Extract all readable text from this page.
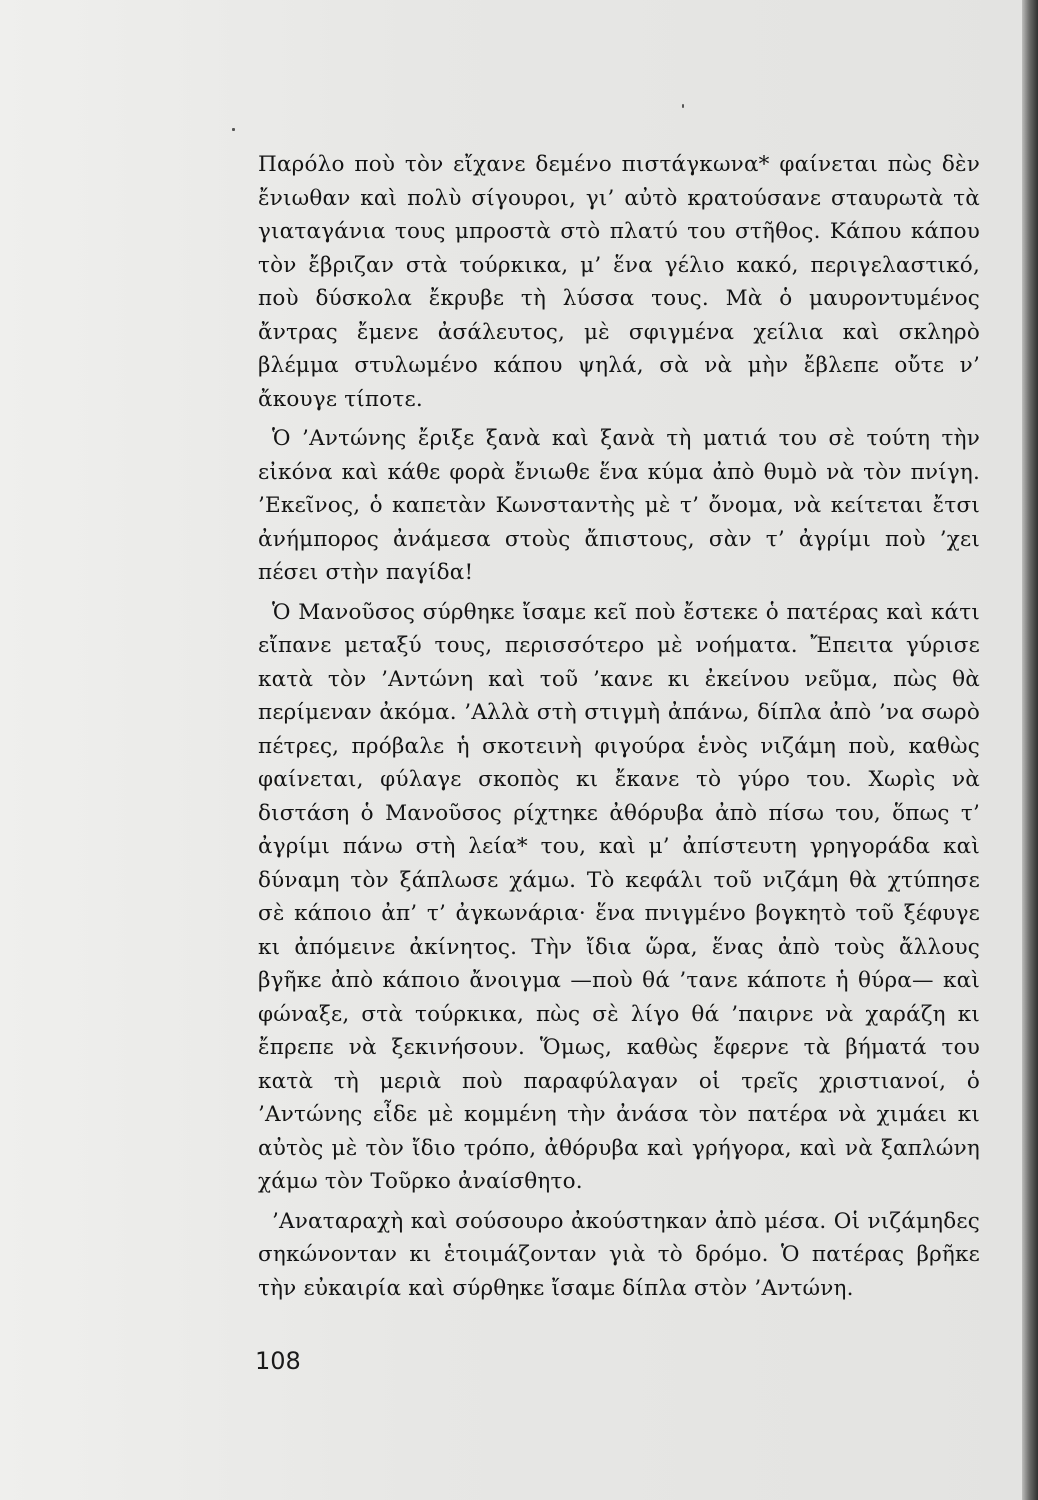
Παρόλο ποὺ τὸν εἴχανε δεμένο πιστάγκωνα* φαίνεται πὼς δὲν ἔνιωθαν καὶ πολὺ σίγουροι, γι’ αὐτὸ κρατούσανε σταυρωτὰ τὰ γιαταγάνια τους μπροστὰ στὸ πλατύ του στῆθος. Κάπου κάπου τὸν ἔβριζαν στὰ τούρκικα, μ’ ἕνα γέλιο κακό, περιγελαστικό, ποὺ δύσκολα ἔκρυβε τὴ λύσσα τους. Μὰ ὁ μαυροντυμένος ἄντρας ἔμενε ἀσάλευτος, μὲ σφιγμένα χείλια καὶ σκληρὸ βλέμμα στυλωμένο κάπου ψηλά, σὰ νὰ μὴν ἔβλεπε οὔτε ν’ ἄκουγε τίποτε.

Ὁ ’Αντώνης ἔριξε ξανὰ καὶ ξανὰ τὴ ματιά του σὲ τούτη τὴν εἰκόνα καὶ κάθε φορὰ ἔνιωθε ἕνα κύμα ἀπὸ θυμὸ νὰ τὸν πνίγη. ’Εκεῖνος, ὁ καπετὰν Κωνσταντὴς μὲ τ’ ὄνομα, νὰ κείτεται ἔτσι ἀνήμπορος ἀνάμεσα στοὺς ἄπιστους, σὰν τ’ ἀγρίμι ποὺ ’χει πέσει στὴν παγίδα!

Ὁ Μανοῦσος σύρθηκε ἴσαμε κεῖ ποὺ ἔστεκε ὁ πατέρας καὶ κάτι εἴπανε μεταξύ τους, περισσότερο μὲ νοήματα. Ἔπειτα γύρισε κατὰ τὸν ’Αντώνη καὶ τοῦ ’κανε κι ἐκείνου νεῦμα, πὼς θὰ περίμεναν ἀκόμα. ’Αλλὰ στὴ στιγμὴ ἀπάνω, δίπλα ἀπὸ ’να σωρὸ πέτρες, πρόβαλε ἡ σκοτεινὴ φιγούρα ἑνὸς νιζάμη ποὺ, καθὼς φαίνεται, φύλαγε σκοπὸς κι ἔκανε τὸ γύρο του. Χωρὶς νὰ διστάση ὁ Μανοῦσος ρίχτηκε ἀθόρυβα ἀπὸ πίσω του, ὅπως τ’ ἀγρίμι πάνω στὴ λεία* του, καὶ μ’ ἀπίστευτη γρηγοράδα καὶ δύναμη τὸν ξάπλωσε χάμω. Τὸ κεφάλι τοῦ νιζάμη θὰ χτύπησε σὲ κάποιο ἀπ’ τ’ ἀγκωνάρια· ἕνα πνιγμένο βογκητὸ τοῦ ξέφυγε κι ἀπόμεινε ἀκίνητος. Τὴν ἴδια ὥρα, ἕνας ἀπὸ τοὺς ἄλλους βγῆκε ἀπὸ κάποιο ἄνοιγμα —ποὺ θά ’τανε κάποτε ἡ θύρα— καὶ φώναξε, στὰ τούρκικα, πὼς σὲ λίγο θά ’παιρνε νὰ χαράζη κι ἔπρεπε νὰ ξεκινήσουν. Ὅμως, καθὼς ἔφερνε τὰ βήματά του κατὰ τὴ μεριὰ ποὺ παραφύλαγαν οἱ τρεῖς χριστιανοί, ὁ ’Αντώνης εἶδε μὲ κομμένη τὴν ἀνάσα τὸν πατέρα νὰ χιμάει κι αὐτὸς μὲ τὸν ἴδιο τρόπο, ἀθόρυβα καὶ γρήγορα, καὶ νὰ ξαπλώνη χάμω τὸν Τοῦρκο ἀναίσθητο.

’Αναταραχὴ καὶ σούσουρο ἀκούστηκαν ἀπὸ μέσα. Οἱ νιζάμηδες σηκώνονταν κι ἑτοιμάζονταν γιὰ τὸ δρόμο. Ὁ πατέρας βρῆκε τὴν εὐκαιρία καὶ σύρθηκε ἴσαμε δίπλα στὸν ’Αντώνη.

108
